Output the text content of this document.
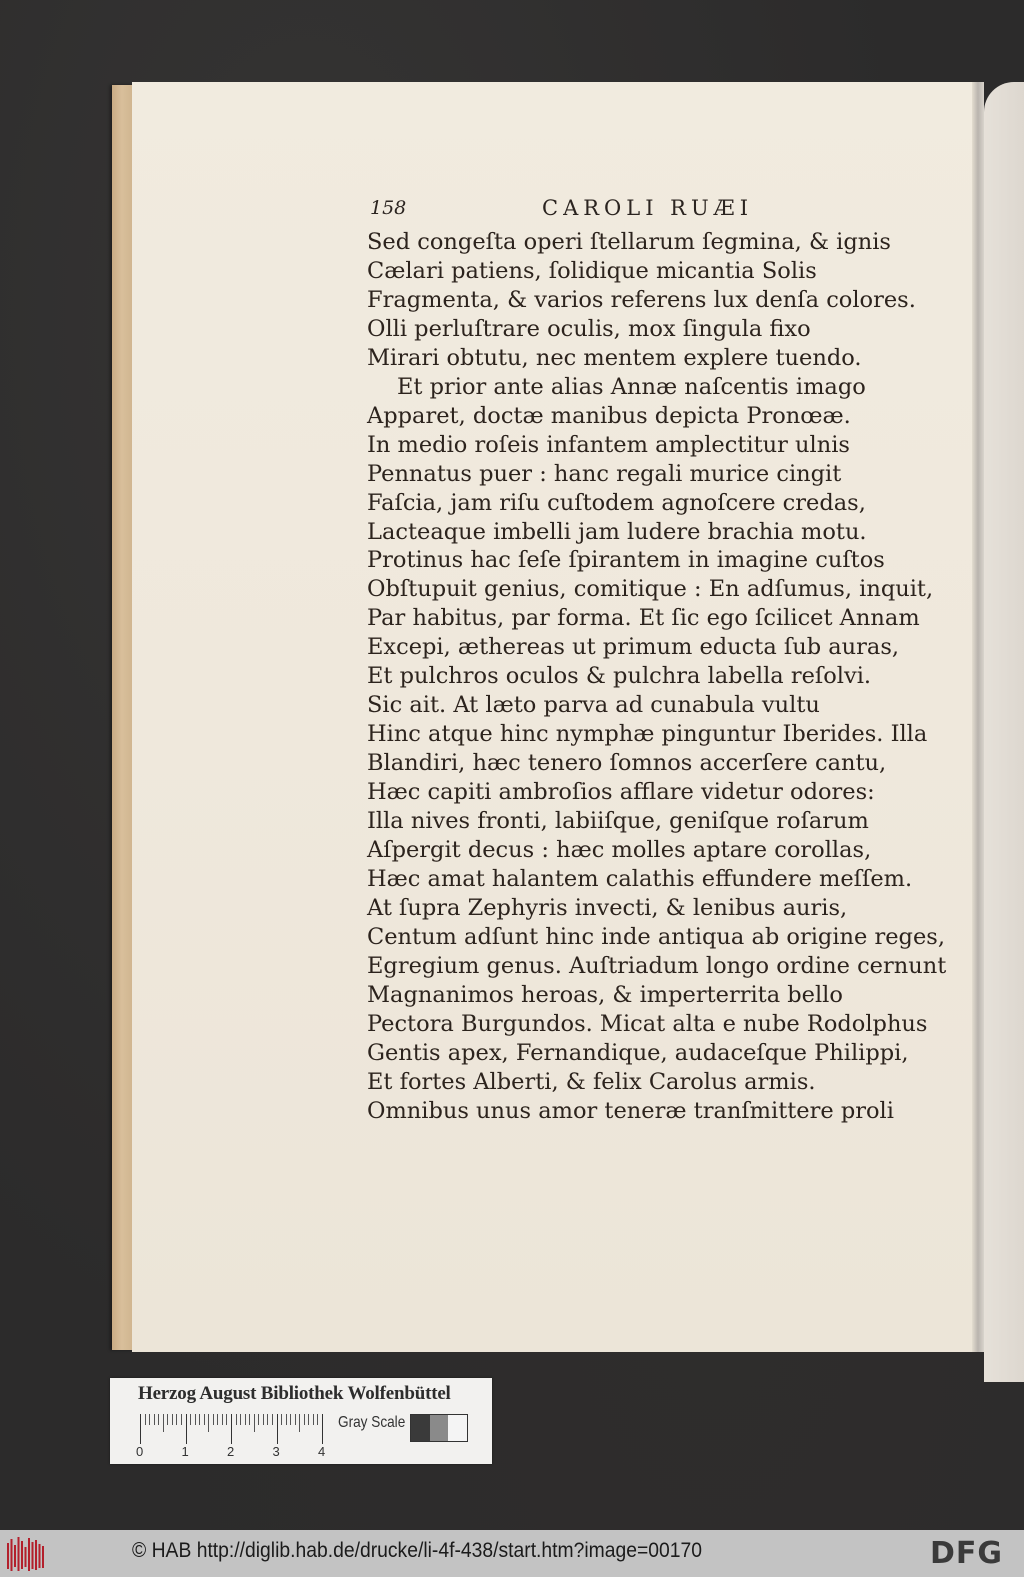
158	CAROLI RUÆI
Sed congeſta operi ſtellarum ſegmina, & ignis
Cælari patiens, ſolidique micantia Solis
Fragmenta, & varios referens lux denſa colores.
Olli perluſtrare oculis, mox ſingula fixo
Mirari obtutu, nec mentem explere tuendo.
Et prior ante alias Annæ naſcentis imago
Apparet, doctæ manibus depicta Pronœæ.
In medio roſeis infantem amplectitur ulnis
Pennatus puer : hanc regali murice cingit
Faſcia, jam riſu cuſtodem agnoſcere credas,
Lacteaque imbelli jam ludere brachia motu.
Protinus hac ſeſe ſpirantem in imagine cuſtos
Obſtupuit genius, comitique : En adſumus, inquit,
Par habitus, par forma. Et ſic ego ſcilicet Annam
Excepi, æthereas ut primum educta ſub auras,
Et pulchros oculos & pulchra labella reſolvi.
Sic ait. At læto parva ad cunabula vultu
Hinc atque hinc nymphæ pinguntur Iberides. Illa
Blandiri, hæc tenero ſomnos accerſere cantu,
Hæc capiti ambroſios afflare videtur odores:
Illa nives fronti, labiiſque, geniſque roſarum
Aſpergit decus : hæc molles aptare corollas,
Hæc amat halantem calathis effundere meſſem.
At ſupra Zephyris invecti, & lenibus auris,
Centum adſunt hinc inde antiqua ab origine reges,
Egregium genus. Auſtriadum longo ordine cernunt
Magnanimos heroas, & imperterrita bello
Pectora Burgundos. Micat alta e nube Rodolphus
Gentis apex, Fernandique, audaceſque Philippi,
Et fortes Alberti, & felix Carolus armis.
Omnibus unus amor teneræ tranſmittere proli
Herzog August Bibliothek Wolfenbüttel
0	1	2	3	4
Gray Scale
© HAB http://diglib.hab.de/drucke/li-4f-438/start.htm?image=00170	DFG
